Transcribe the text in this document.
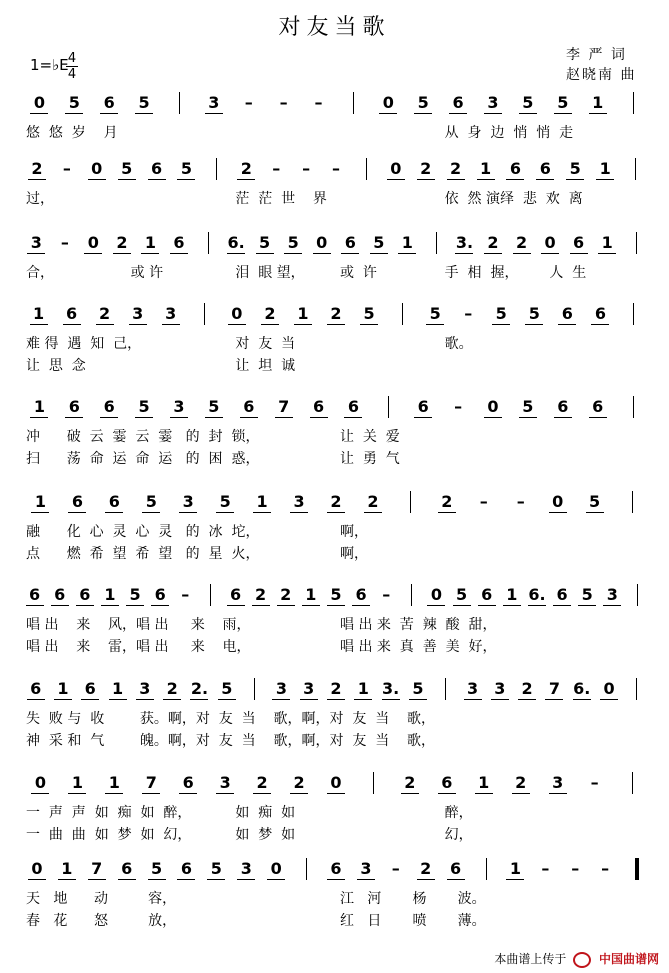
对友当歌
李 严 词
赵晓南 曲
1=♭E 4
4
0 5 6 5	3	–	–	–	0 5 6 3 5 5 1
悠  悠  岁    月	从  身  边  悄  悄  走
2	–	0 5 6 5	2	–	–	–	0 2 2 1 6 6 5 1
过，	茫  茫  世    界	依  然 演绎  悲  欢  离
3	–	0 2 1 6	6. 5 5 0 6 5 1	3. 2 2 0 6 1
合，	或 许	泪  眼 望，	或  许	手  相  握， 人  生
1 6 2 3 3	0 2 1 2 5	5	–	5 5 6 6
难 得  遇  知  己，	对  友  当	歌。
让  思  念	让  坦  诚
1 6 6 5 3 5 6 7 6 6	6	–	0 5 6 6
冲      破  云  霎  云  霎   的  封  锁，	让  关  爱
扫      荡  命  运  命  运   的  困  惑，	让  勇  气
1 6 6 5 3 5 1 3 2 2	2	–	–	0 5
融      化  心  灵  心  灵   的  冰  坨，	啊，
点      燃  希  望  希  望   的  星  火，	啊，
6 6 6 1 5 6 –	6 2 2 1 5 6 –	0 5 6 1 6. 6 5 3
唱 出    来    风，唱 出     来    雨，	唱 出 来  苦  辣  酸  甜，
唱 出    来    雷，唱 出     来    电，	唱 出 来  真  善  美  好，
6 1 6 1 3 2 2. 5	3 3 2 1 3. 5	3 3 2 7 6. 0
失  败 与  收        获。啊，对  友  当    歌，啊，对  友  当    歌，
神  采 和  气        魄。啊，对  友  当    歌，啊，对  友  当    歌，
0 1 1 7 6 3 2 2 0	2 6 1 2 3	–
一  声  声  如  痴  如  醉，	如  痴  如	醉，
一  曲  曲  如  梦  如  幻，	如  梦  如	幻，
0 1 7 6 5 6 5 3 0	6 3	–	2 6	1	–	–	–
天   地      动         容，	江   河       杨       波。
春   花      怒         放，	红   日       喷       薄。
本曲谱上传于	中国曲谱网
